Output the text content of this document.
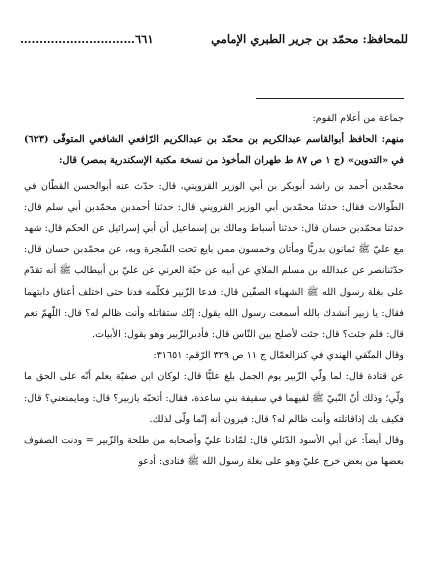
للمحافظ: محمّد بن جرير الطبري الإمامي
…………………………٦٦١

جماعة من أعلام القوم:

منهم: الحافظ أبوالقاسم عبدالكريم بن محمّد بن عبدالكريم الرّافعي الشافعي المتوفّى (٦٢٣) في «التدوين» (ج ١ ص ٨٧ ط طهران المأخوذ من نسخة مكتبة الإسكندرية بمصر) قال:

محمّدبن أحمد بن راشد أبوبكر بن أبي الوزير القزويني، قال: حدّث عنه أبوالحسن القطّان في الطّوالات فقال: حدثنا محمّدبن أبي الوزير القزويني قال: حدثنا أحمدبن محمّدبن أبي سلم قال: حدثنا محمّدبن حسان قال: حدثنا أسباط ومالك بن إسماعيل أن أبي إسرائيل عن الحكم قال: شهد مع عليّ ﷺ ثمانون بدريًّا ومأتان وخمسون ممن بايع تحت الشّجرة وبه، عن محمّدبن حسان قال: حدّثنانصر عن عبدالله بن مسلم الملاي عن أبيه عن حبّة العرني عن عليّ بن أبيطالب ﷺ أنه تقدّم على بغلة رسول الله ﷺ الشهباء الصفّين قال: فدعا الزّبير فكلّمه فدنا حتى اختلف أعناق دابتهما فقال: يا زبير أنشدك بالله أسمعت رسول الله يقول: إنّك ستقاتله وأنت ظالم له؟ قال: اللّهمّ نعم قال: فلم جئت؟ قال: جئت لأصلح بين النّاس قال: فأدبرالزّبير وهو يقول: الأبيات.

وقال المتّقي الهندي في كنزالعمّال ج ١١ ص ٣٢٩ الرّقم: ٣١٦٥١:

عن قتادة قال: لما ولّي الزّبير يوم الجمل بلغ عليًّا قال: لوكان ابن صفيّة يعلم أنّه على الحق ما ولّي؛ وذلك أنّ النّبيّ ﷺ لقيهما في سقيفة بني ساعدة، فقال: أتحبّه يازبير؟ قال: ومايمنعني؟ قال: فكيف بك إذاقاتلته وأنت ظالم له؟ قال: فيرون أنه إنّما ولّى لذلك.

وقال أيضاً: عن أبي الأسود الدّئلي قال: لمّادنا عليّ وأصحابه من طلحة والزّبير = ودنت الصفوف بعضها من بعض خرج عليّ وهو على بغلة رسول الله ﷺ فنادى: أدعو
